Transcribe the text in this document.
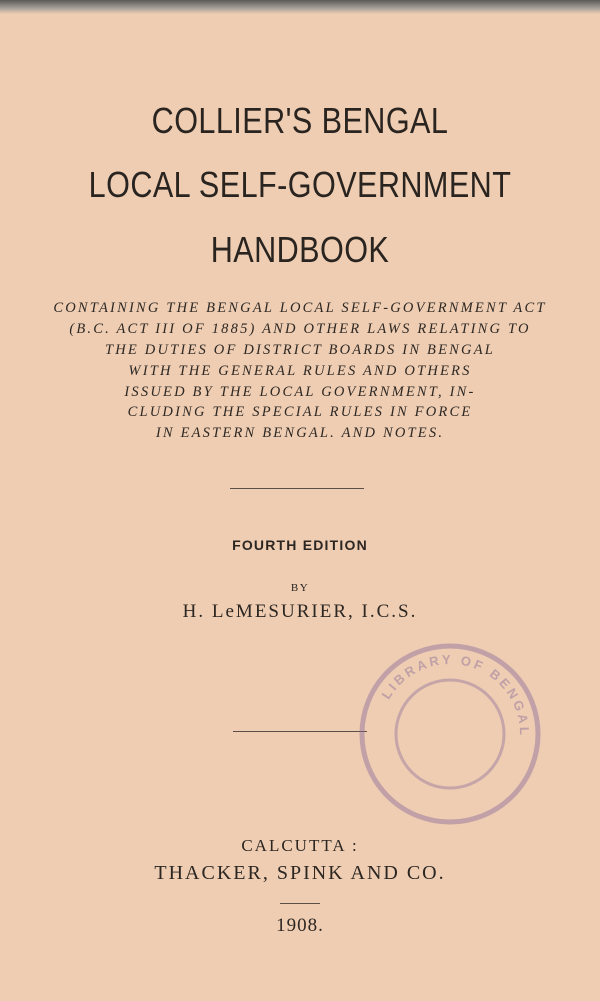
COLLIER'S BENGAL
LOCAL SELF-GOVERNMENT
HANDBOOK
CONTAINING THE BENGAL LOCAL SELF-GOVERNMENT ACT
(B.C. ACT III OF 1885) AND OTHER LAWS RELATING TO
THE DUTIES OF DISTRICT BOARDS IN BENGAL
WITH THE GENERAL RULES AND OTHERS
ISSUED BY THE LOCAL GOVERNMENT, IN-
CLUDING THE SPECIAL RULES IN FORCE
IN EASTERN BENGAL. AND NOTES.
FOURTH EDITION
BY
H. LeMESURIER, I.C.S.
LIBRARY OF BENGAL
CALCUTTA :
THACKER, SPINK AND CO.
1908.
